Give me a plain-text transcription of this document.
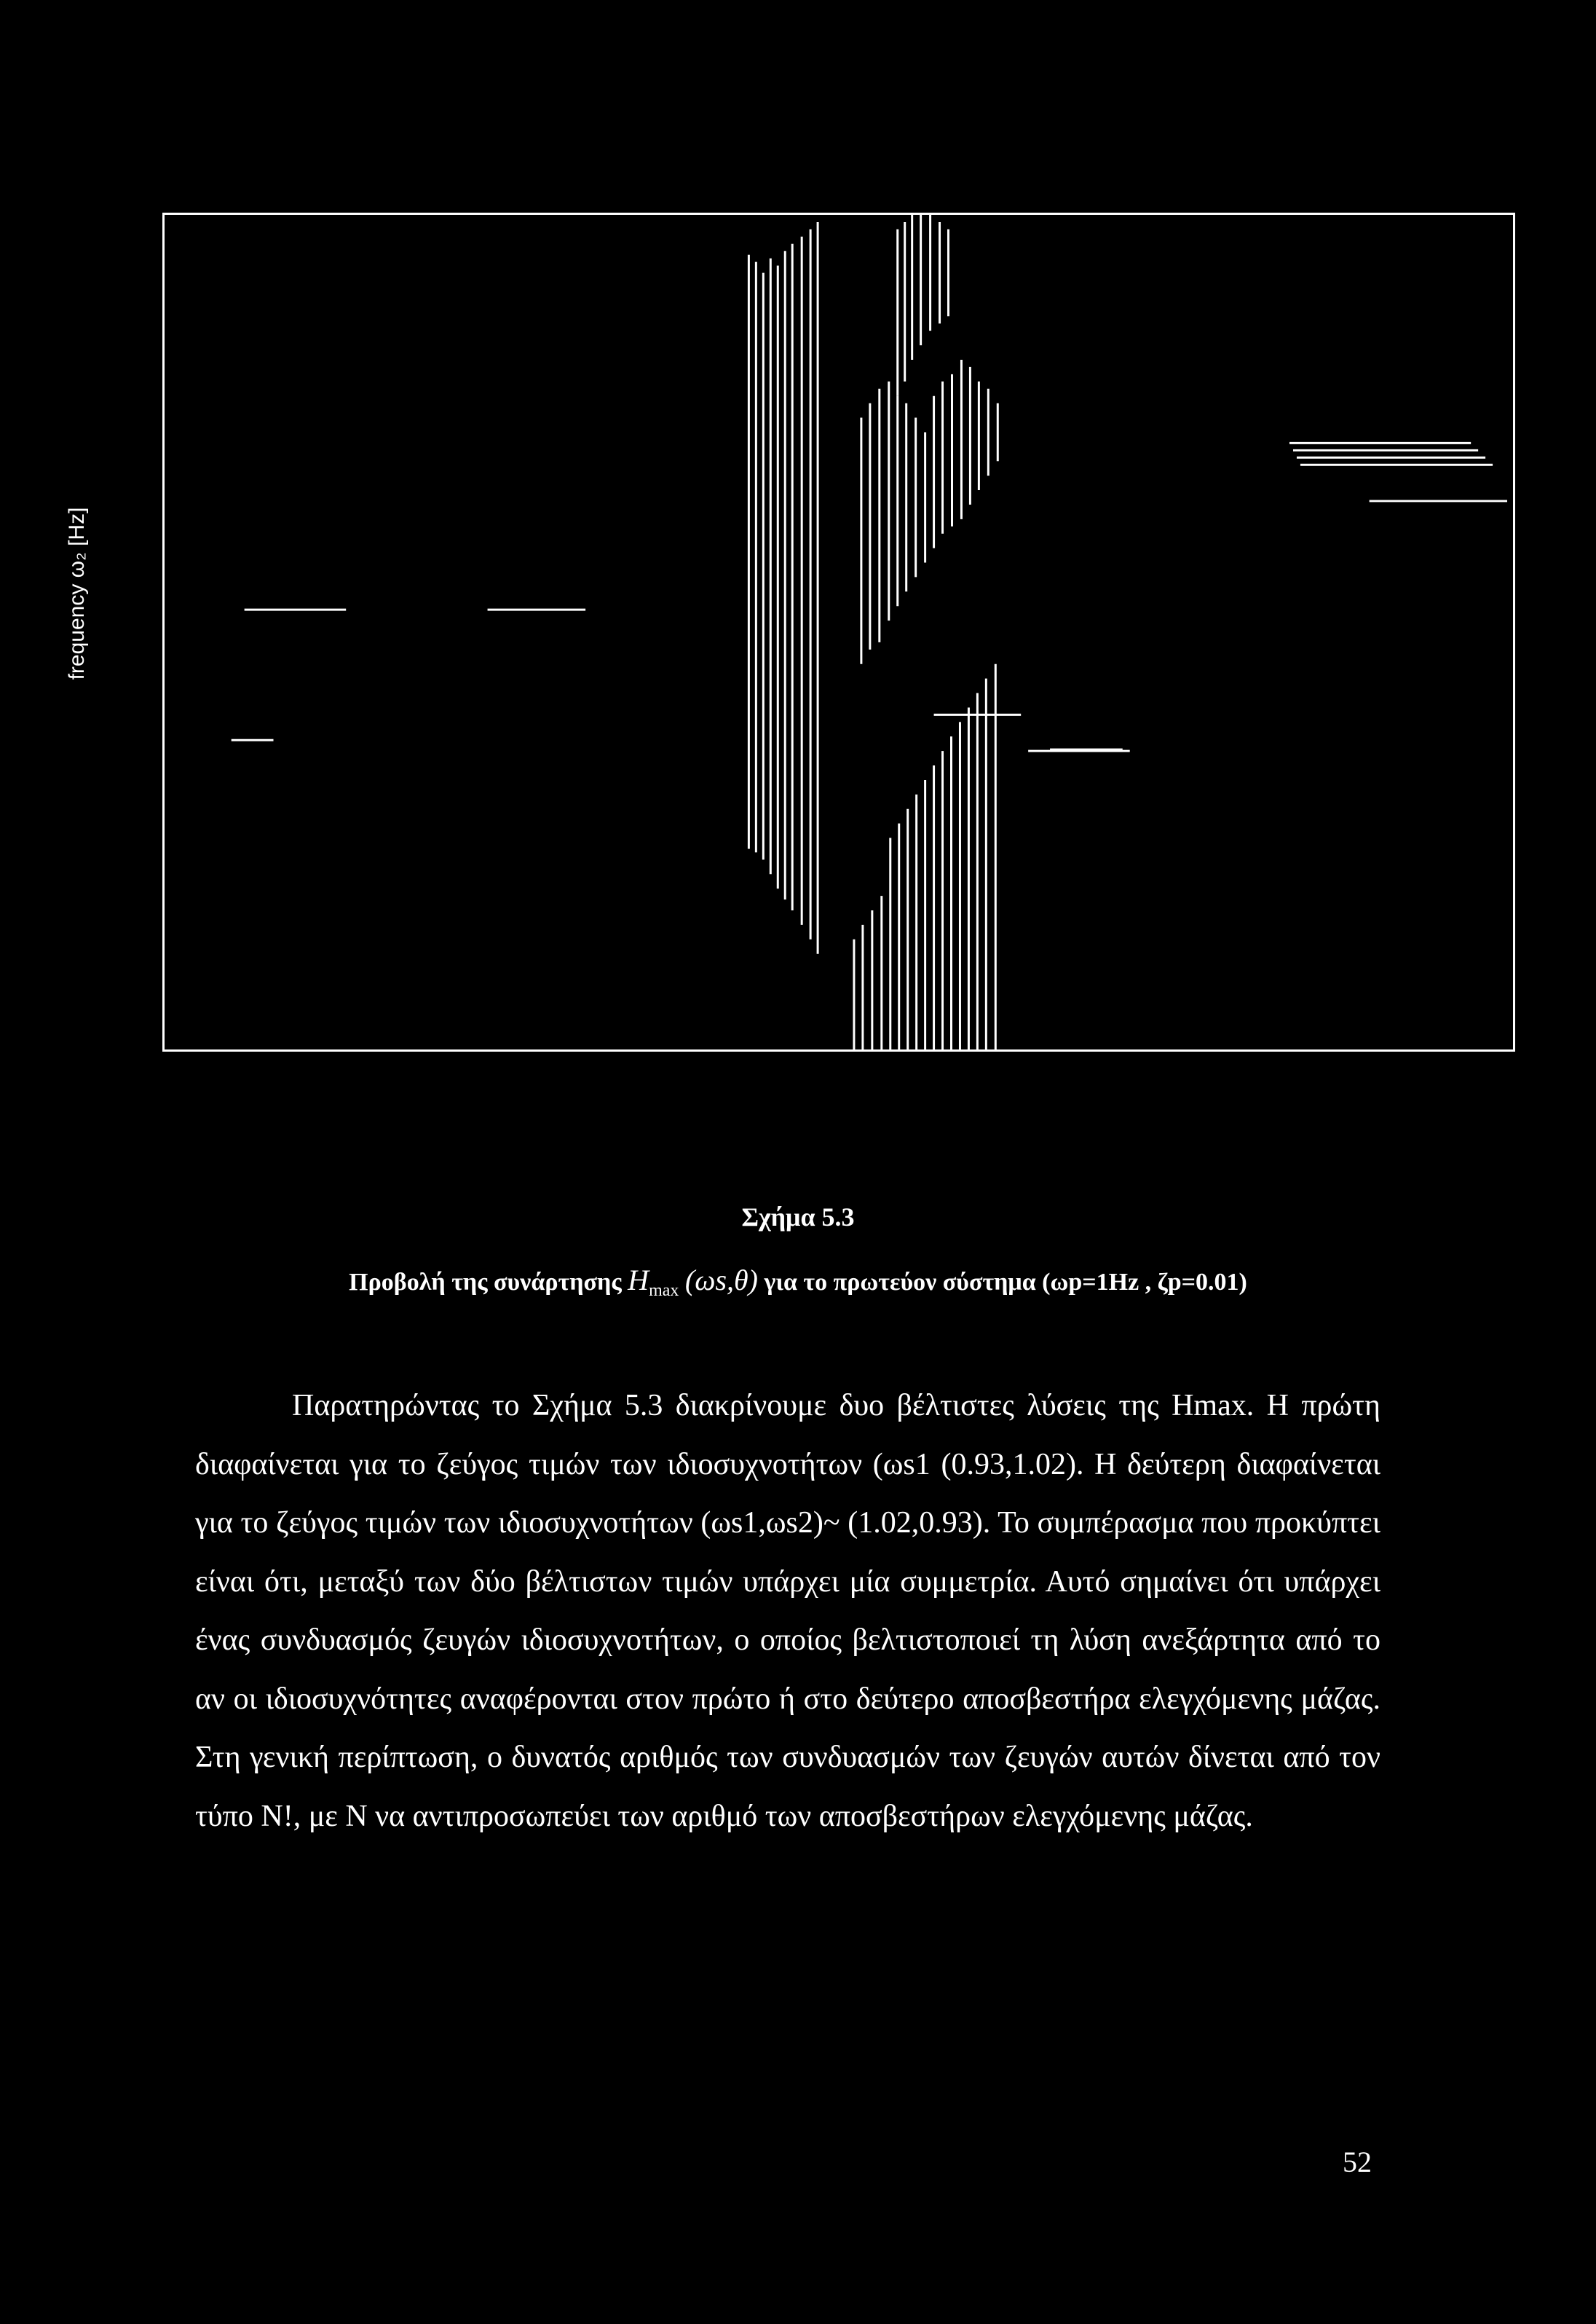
frequency ω₂ [Hz]
Σχήμα 5.3
Προβολή της συνάρτησης $H_{max}$ (ωs,θ) για το πρωτεύον σύστημα (ωp=1Hz , ζp=0.01)

Παρατηρώντας το Σχήμα 5.3 διακρίνουμε δυο βέλτιστες λύσεις της Hmax. Η πρώτη διαφαίνεται για το ζεύγος τιμών των ιδιοσυχνοτήτων (ωs1 (0.93,1.02). Η δεύτερη διαφαίνεται για το ζεύγος τιμών των ιδιοσυχνοτήτων (ωs1,ωs2)~ (1.02,0.93). Το συμπέρασμα που προκύπτει είναι ότι, μεταξύ των δύο βέλτιστων τιμών υπάρχει μία συμμετρία. Αυτό σημαίνει ότι υπάρχει ένας συνδυασμός ζευγών ιδιοσυχνοτήτων, ο οποίος βελτιστοποιεί τη λύση ανεξάρτητα από το αν οι ιδιοσυχνότητες αναφέρονται στον πρώτο ή στο δεύτερο αποσβεστήρα ελεγχόμενης μάζας. Στη γενική περίπτωση, ο δυνατός αριθμός των συνδυασμών των ζευγών αυτών δίνεται από τον τύπο Ν!, με Ν να αντιπροσωπεύει των αριθμό των αποσβεστήρων ελεγχόμενης μάζας.

52
